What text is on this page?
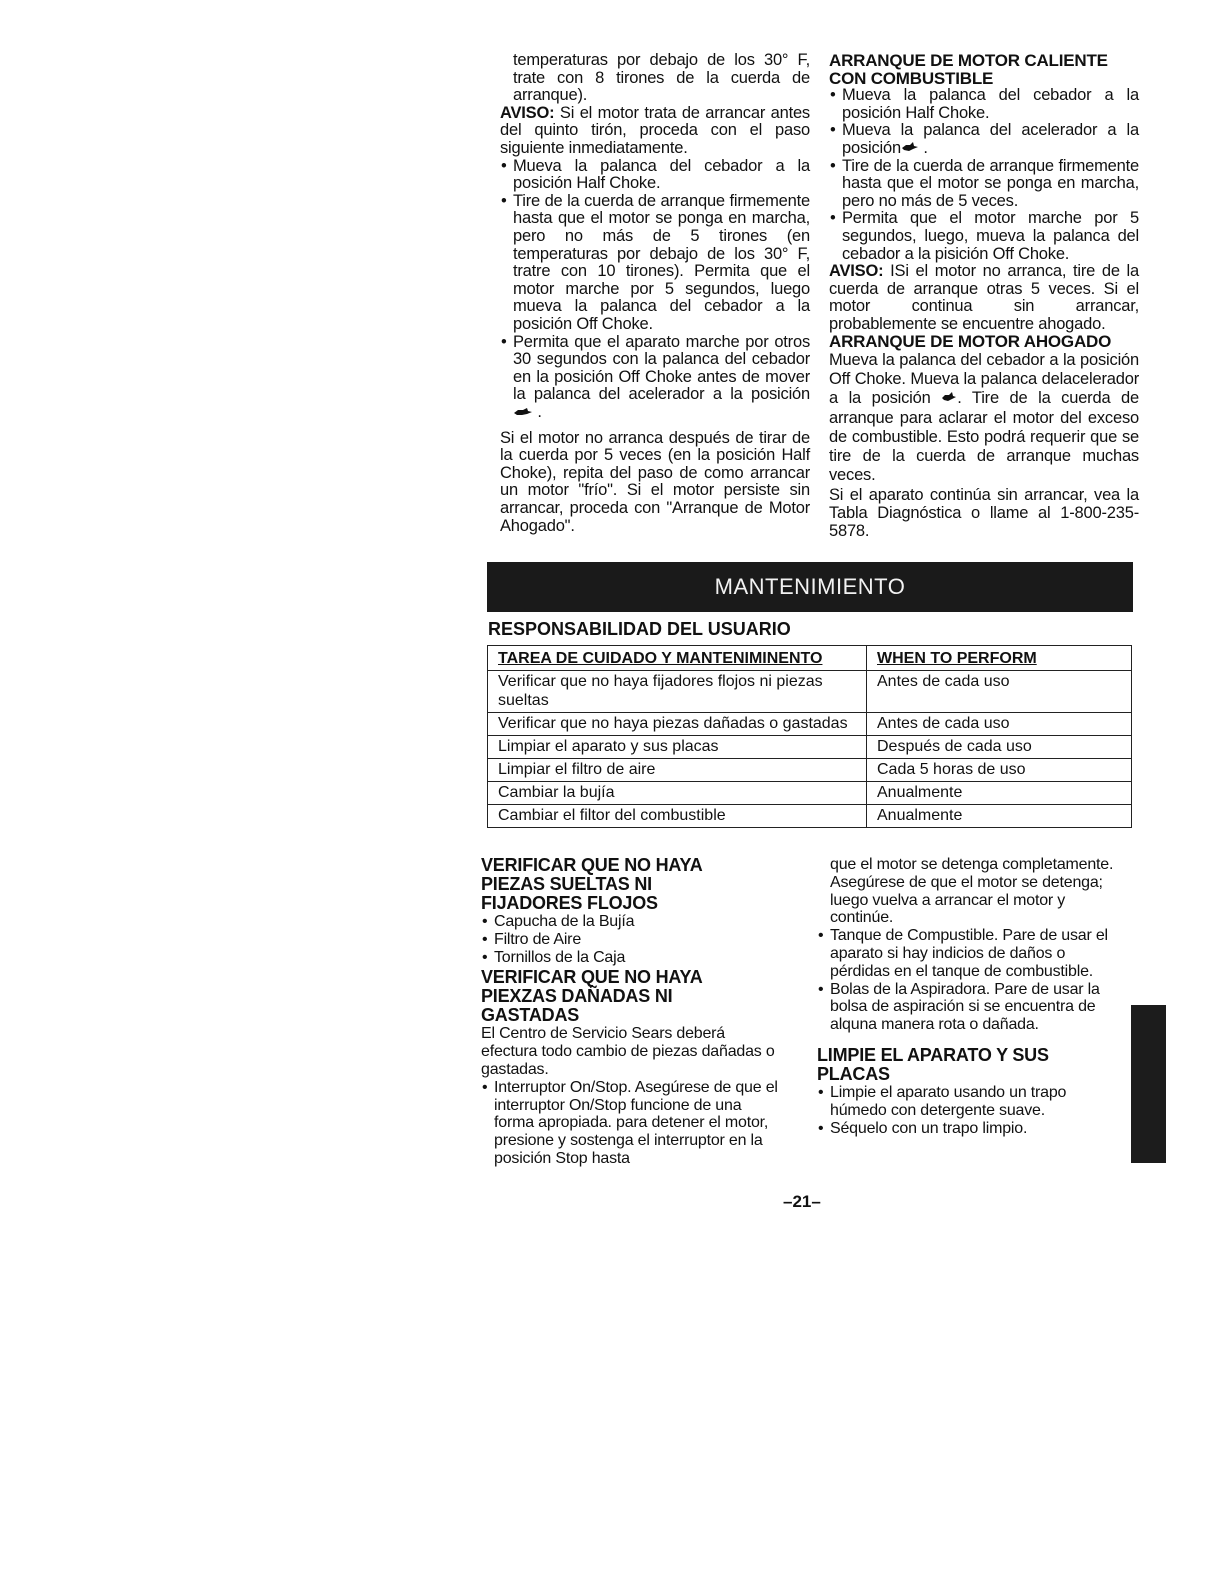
temperaturas por debajo de los 30° F, trate con 8 tirones de la cuerda de arranque).

AVISO: Si el motor trata de arrancar antes del quinto tirón, proceda con el paso siguiente inmediatamente.

• Mueva la palanca del cebador a la posición Half Choke.
• Tire de la cuerda de arranque firmemente hasta que el motor se ponga en marcha, pero no más de 5 tirones (en temperaturas por debajo de los 30° F, tratre con 10 tirones). Permita que el motor marche por 5 segundos, luego mueva la palanca del cebador a la posición Off Choke.
• Permita que el aparato marche por otros 30 segundos con la palanca del cebador en la posición Off Choke antes de mover la palanca del acelerador a la posición  .

Si el motor no arranca después de tirar de la cuerda por 5 veces (en la posición Half Choke), repita del paso de como arrancar un motor "frío". Si el motor persiste sin arrancar, proceda con "Arranque de Motor Ahogado".

ARRANQUE DE MOTOR CALIENTE CON COMBUSTIBLE
• Mueva la palanca del cebador a la posición Half Choke.
• Mueva la palanca del acelerador a la posición .
• Tire de la cuerda de arranque firmemente hasta que el motor se ponga en marcha, pero no más de 5 veces.
• Permita que el motor marche por 5 segundos, luego, mueva la palanca del cebador a la pisición Off Choke.

AVISO: ISi el motor no arranca, tire de la cuerda de arranque otras 5 veces. Si el motor continua sin arrancar, probablemente se encuentre ahogado.

ARRANQUE DE MOTOR AHOGADO

Mueva la palanca del cebador a la posición Off Choke. Mueva la palanca delacelerador a la posición . Tire de la cuerda de arranque para aclarar el motor del exceso de combustible. Esto podrá requerir que se tire de la cuerda de arranque muchas veces.

Si el aparato continúa sin arrancar, vea la Tabla Diagnóstica o llame al 1-800-235-5878.

MANTENIMIENTO
RESPONSABILIDAD DEL USUARIO
TAREA DE CUIDADO Y MANTENIMINENTO	WHEN TO PERFORM
Verificar que no haya fijadores flojos ni piezas sueltas	Antes de cada uso
Verificar que no haya piezas dañadas o gastadas	Antes de cada uso
Limpiar el aparato y sus placas	Después de cada uso
Limpiar el filtro de aire	Cada 5 horas de uso
Cambiar la bujía	Anualmente
Cambiar el filtor del combustible	Anualmente
VERIFICAR QUE NO HAYA PIEZAS SUELTAS NI FIJADORES FLOJOS
• Capucha de la Bujía
• Filtro de Aire
• Tornillos de la Caja
VERIFICAR QUE NO HAYA PIEXZAS DAÑADAS NI GASTADAS

El Centro de Servicio Sears deberá efectura todo cambio de piezas dañadas o gastadas.

• Interruptor On/Stop. Asegúrese de que el interruptor On/Stop funcione de una forma apropiada. para detener el motor, presione y sostenga el interruptor en la posición Stop hasta

que el motor se detenga completamente. Asegúrese de que el motor se detenga; luego vuelva a arrancar el motor y continúe.

• Tanque de Compustible. Pare de usar el aparato si hay indicios de daños o pérdidas en el tanque de combustible.
• Bolas de la Aspiradora. Pare de usar la bolsa de aspiración si se encuentra de alquna manera rota o dañada.
LIMPIE EL APARATO Y SUS PLACAS
• Limpie el aparato usando un trapo húmedo con detergente suave.
• Séquelo con un trapo limpio.
–21–
